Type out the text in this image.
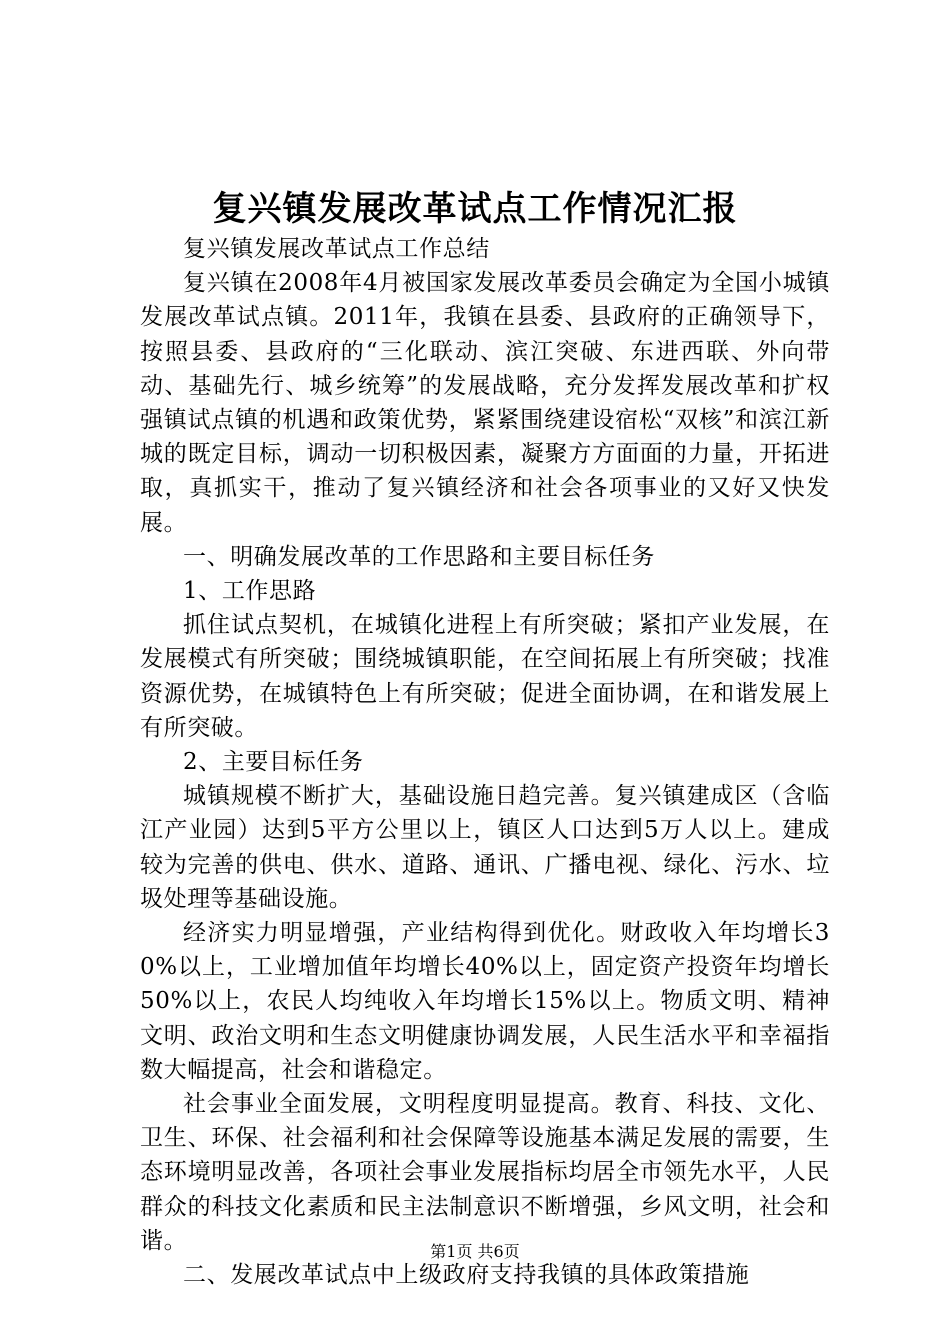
复兴镇发展改革试点工作情况汇报

复兴镇发展改革试点工作总结

复兴镇在2008年4月被国家发展改革委员会确定为全国小城镇发展改革试点镇。2011年，我镇在县委、县政府的正确领导下，按照县委、县政府的“三化联动、滨江突破、东进西联、外向带动、基础先行、城乡统筹”的发展战略，充分发挥发展改革和扩权强镇试点镇的机遇和政策优势，紧紧围绕建设宿松“双核”和滨江新城的既定目标，调动一切积极因素，凝聚方方面面的力量，开拓进取，真抓实干，推动了复兴镇经济和社会各项事业的又好又快发展。

一、明确发展改革的工作思路和主要目标任务

1、工作思路

抓住试点契机，在城镇化进程上有所突破；紧扣产业发展，在发展模式有所突破；围绕城镇职能，在空间拓展上有所突破；找准资源优势，在城镇特色上有所突破；促进全面协调，在和谐发展上有所突破。

2、主要目标任务

城镇规模不断扩大，基础设施日趋完善。复兴镇建成区（含临江产业园）达到5平方公里以上，镇区人口达到5万人以上。建成较为完善的供电、供水、道路、通讯、广播电视、绿化、污水、垃圾处理等基础设施。

经济实力明显增强，产业结构得到优化。财政收入年均增长30%以上，工业增加值年均增长40%以上，固定资产投资年均增长50%以上，农民人均纯收入年均增长15%以上。物质文明、精神文明、政治文明和生态文明健康协调发展，人民生活水平和幸福指数大幅提高，社会和谐稳定。

社会事业全面发展，文明程度明显提高。教育、科技、文化、卫生、环保、社会福利和社会保障等设施基本满足发展的需要，生态环境明显改善，各项社会事业发展指标均居全市领先水平，人民群众的科技文化素质和民主法制意识不断增强，乡风文明，社会和谐。

二、发展改革试点中上级政府支持我镇的具体政策措施

第1页 共6页
